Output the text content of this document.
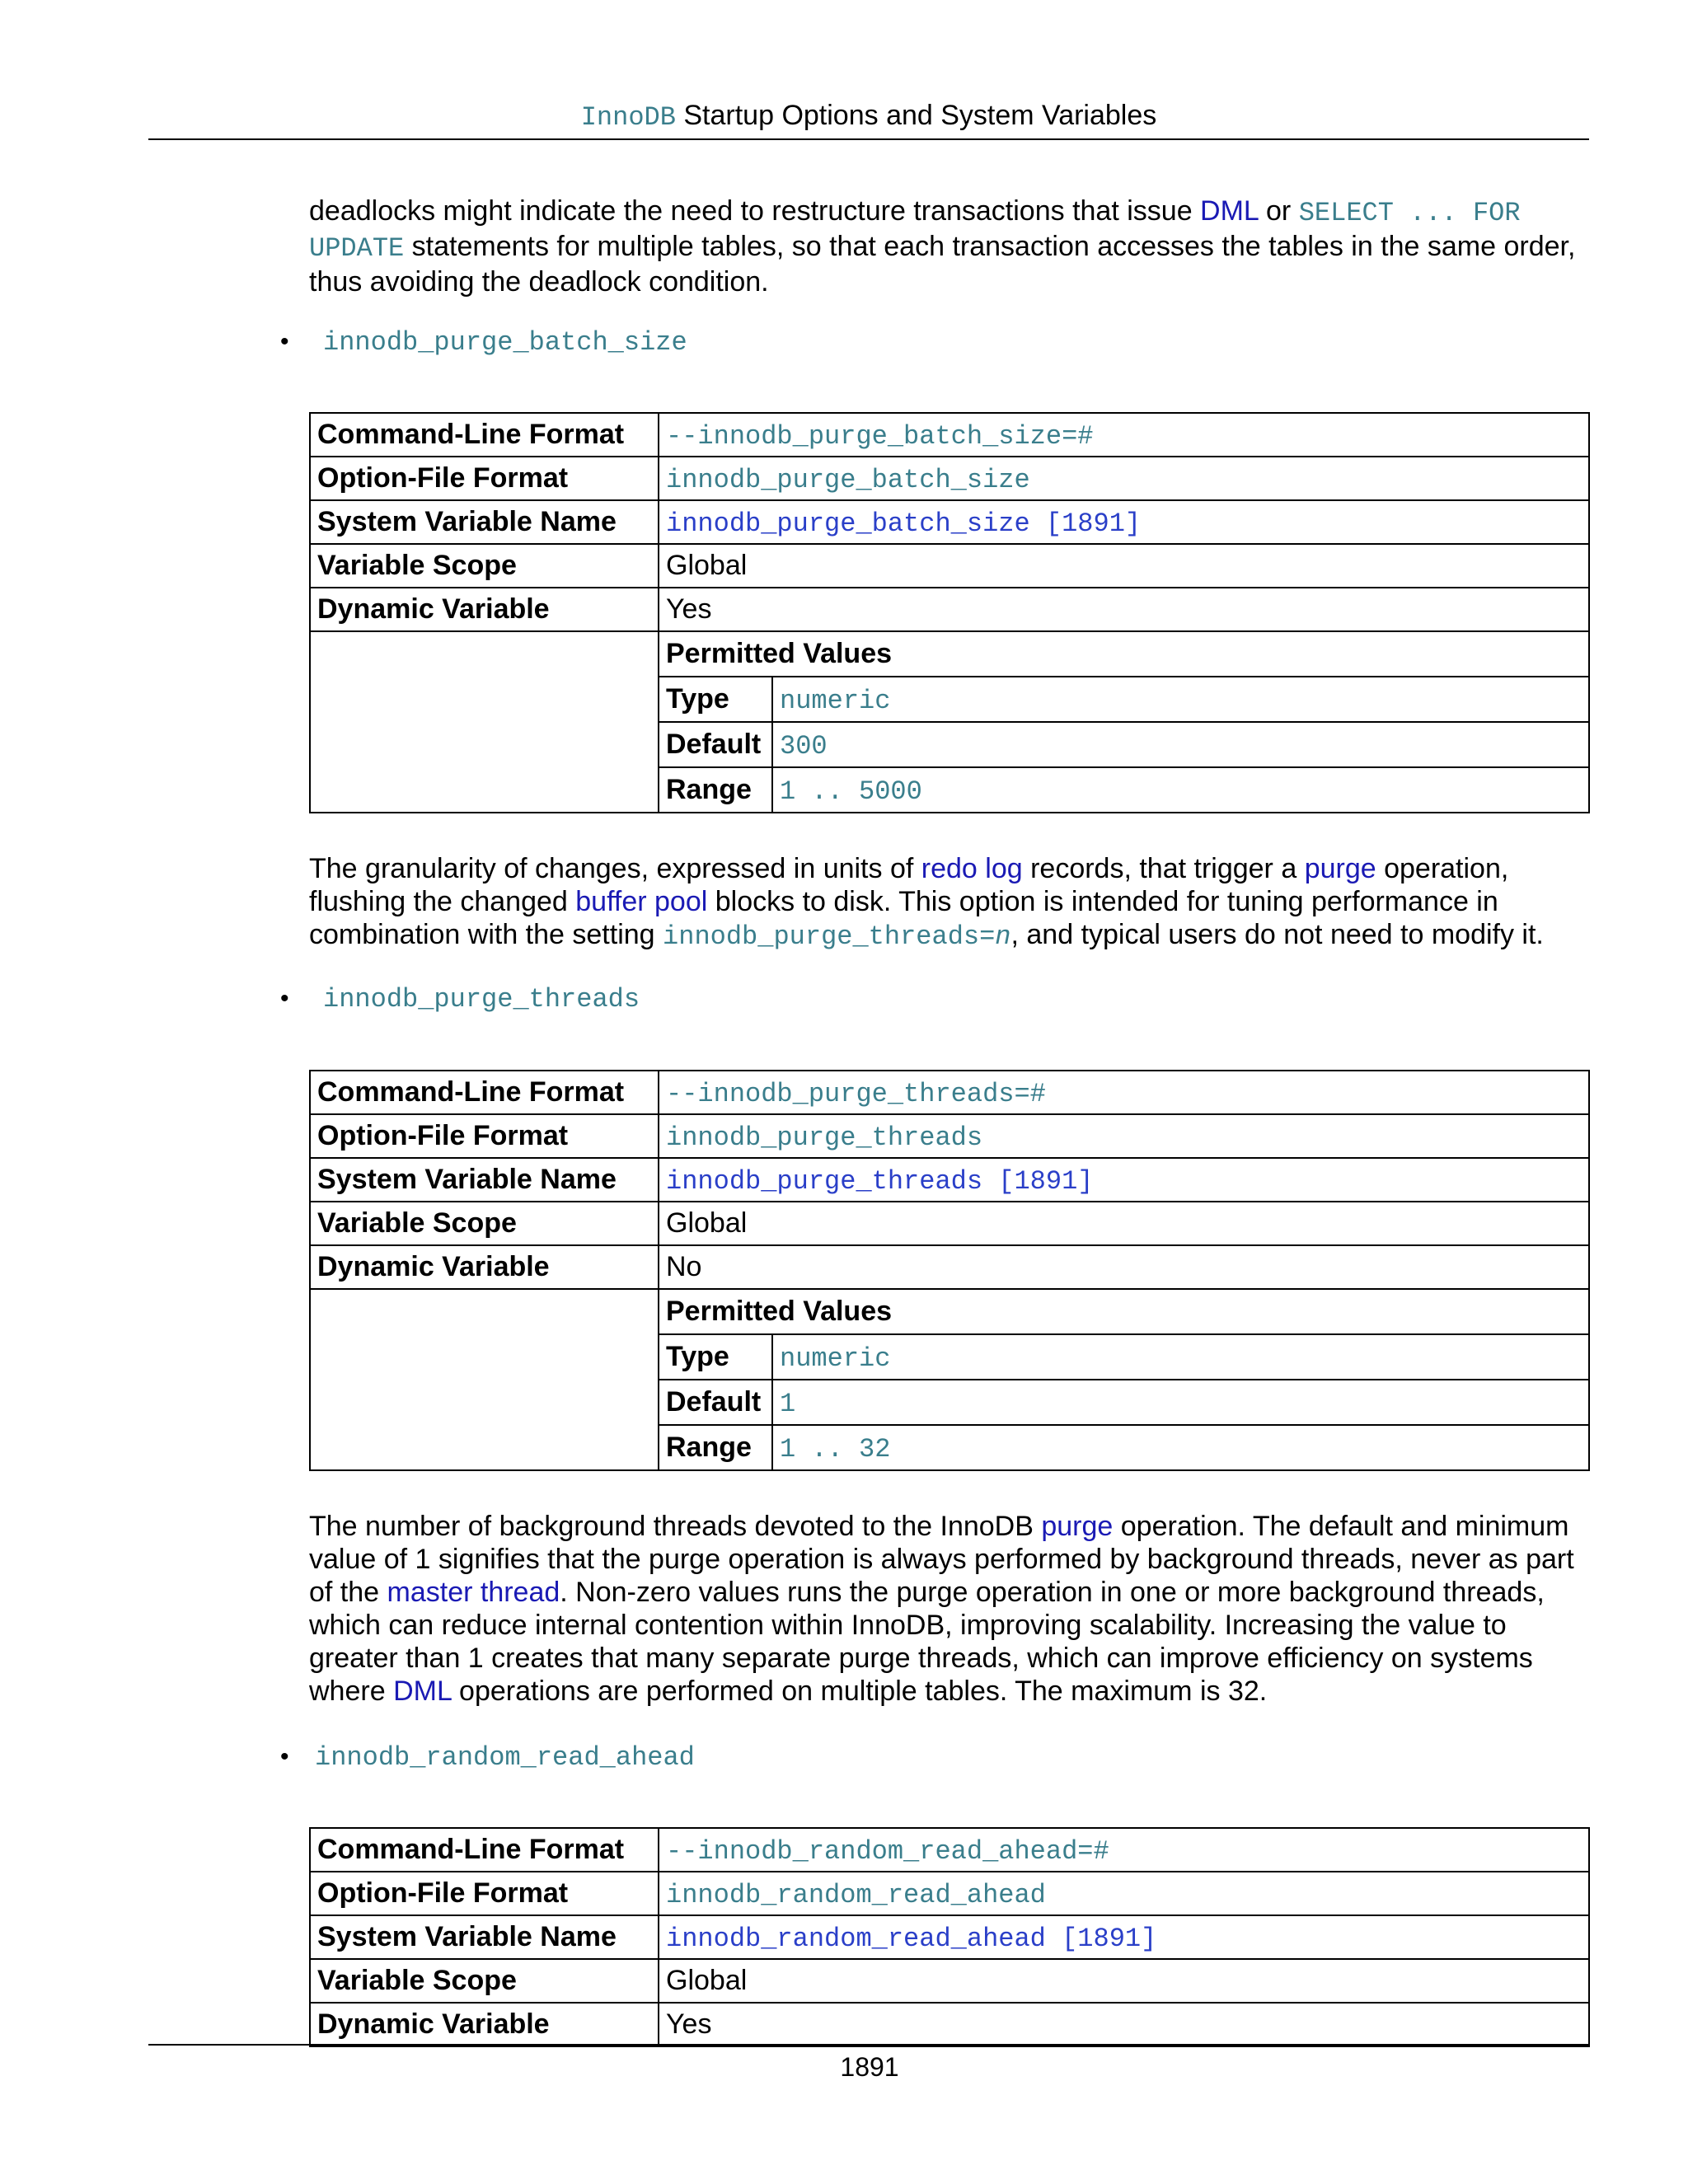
InnoDB Startup Options and System Variables

deadlocks might indicate the need to restructure transactions that issue DML or SELECT ... FOR UPDATE statements for multiple tables, so that each transaction accesses the tables in the same order, thus avoiding the deadlock condition.

• innodb_purge_batch_size
Command-Line Format	--innodb_purge_batch_size=#
Option-File Format	innodb_purge_batch_size
System Variable Name	innodb_purge_batch_size [1891]
Variable Scope	Global
Dynamic Variable	Yes

Permitted Values
Type	numeric
Default	300
Range	1 .. 5000

The granularity of changes, expressed in units of redo log records, that trigger a purge operation, flushing the changed buffer pool blocks to disk. This option is intended for tuning performance in combination with the setting innodb_purge_threads=n, and typical users do not need to modify it.

• innodb_purge_threads
Command-Line Format	--innodb_purge_threads=#
Option-File Format	innodb_purge_threads
System Variable Name	innodb_purge_threads [1891]
Variable Scope	Global
Dynamic Variable	No

Permitted Values
Type	numeric
Default	1
Range	1 .. 32

The number of background threads devoted to the InnoDB purge operation. The default and minimum value of 1 signifies that the purge operation is always performed by background threads, never as part of the master thread. Non-zero values runs the purge operation in one or more background threads, which can reduce internal contention within InnoDB, improving scalability. Increasing the value to greater than 1 creates that many separate purge threads, which can improve efficiency on systems where DML operations are performed on multiple tables. The maximum is 32.

• innodb_random_read_ahead
Command-Line Format	--innodb_random_read_ahead=#
Option-File Format	innodb_random_read_ahead
System Variable Name	innodb_random_read_ahead [1891]
Variable Scope	Global
Dynamic Variable	Yes
1891
